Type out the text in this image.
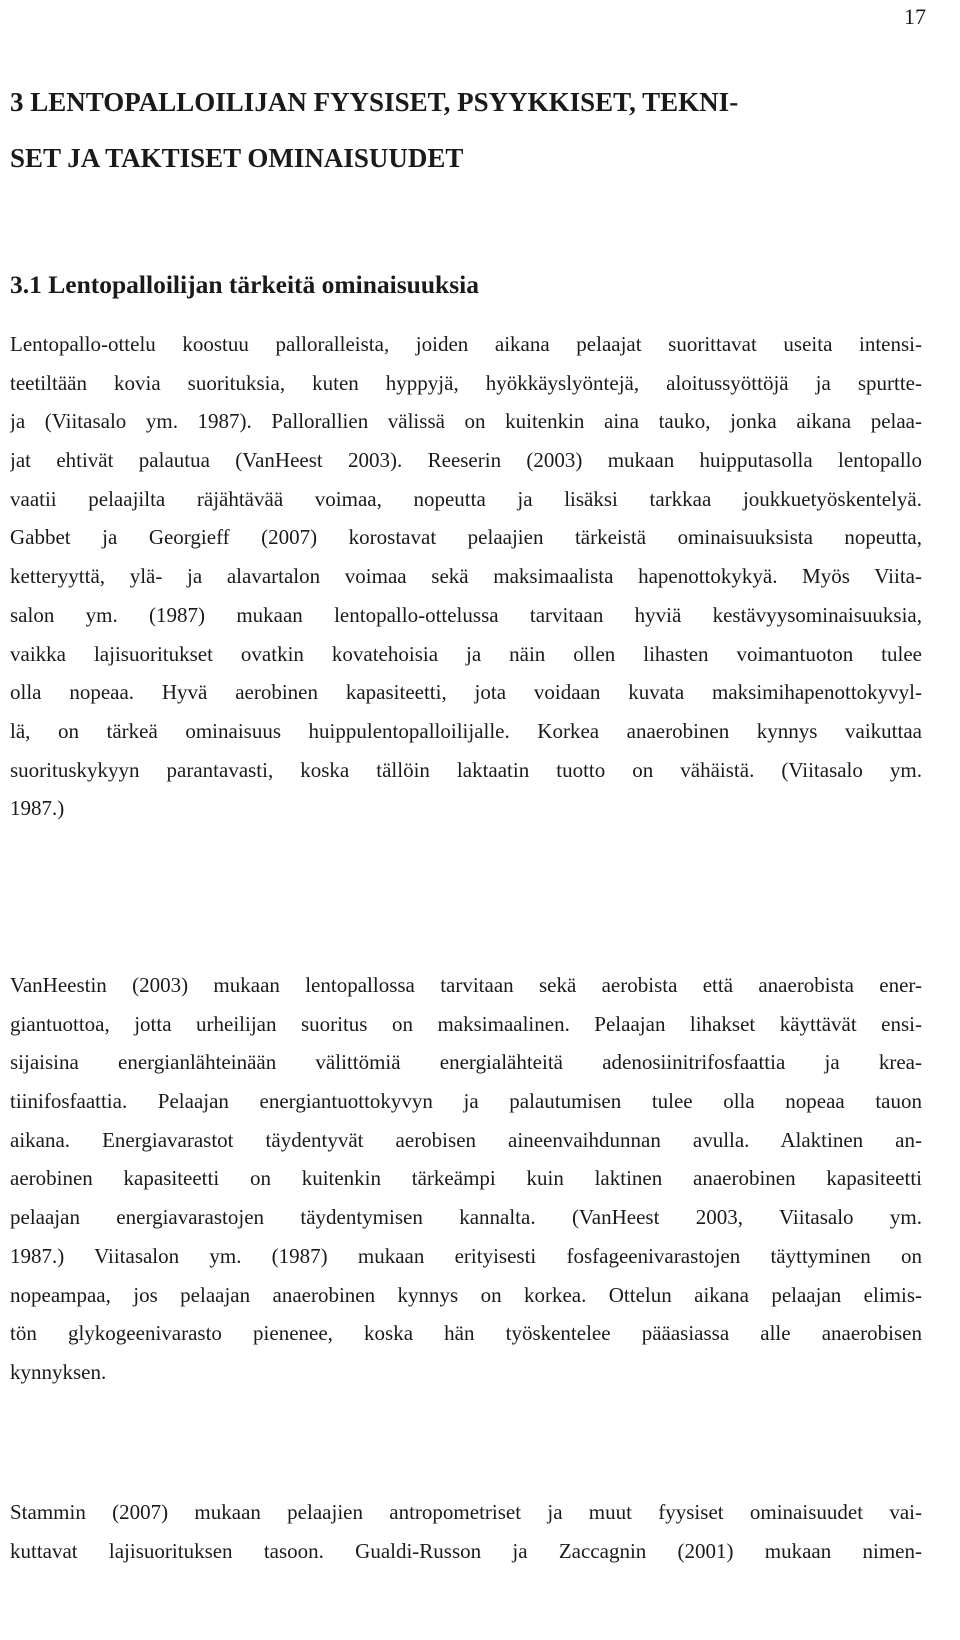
17
3 LENTOPALLOILIJAN FYYSISET, PSYYKKISET, TEKNI-
SET JA TAKTISET OMINAISUUDET
3.1 Lentopalloilijan tärkeitä ominaisuuksia
Lentopallo-ottelu koostuu palloralleista, joiden aikana pelaajat suorittavat useita intensi-
teetiltään kovia suorituksia, kuten hyppyjä, hyökkäyslyöntejä, aloitussyöttöjä ja spurtte-
ja (Viitasalo ym. 1987). Pallorallien välissä on kuitenkin aina tauko, jonka aikana pelaa-
jat ehtivät palautua (VanHeest 2003). Reeserin (2003) mukaan huipputasolla lentopallo
vaatii pelaajilta räjähtävää voimaa, nopeutta ja lisäksi tarkkaa joukkuetyöskentelyä.
Gabbet ja Georgieff (2007) korostavat pelaajien tärkeistä ominaisuuksista nopeutta,
ketteryyttä, ylä- ja alavartalon voimaa sekä maksimaalista hapenottokykyä. Myös Viita-
salon ym. (1987) mukaan lentopallo-ottelussa tarvitaan hyviä kestävyysominaisuuksia,
vaikka lajisuoritukset ovatkin kovatehoisia ja näin ollen lihasten voimantuoton tulee
olla nopeaa. Hyvä aerobinen kapasiteetti, jota voidaan kuvata maksimihapenottokyvyl-
lä, on tärkeä ominaisuus huippulentopalloilijalle. Korkea anaerobinen kynnys vaikuttaa
suorituskykyyn parantavasti, koska tällöin laktaatin tuotto on vähäistä. (Viitasalo ym.
1987.)
VanHeestin (2003) mukaan lentopallossa tarvitaan sekä aerobista että anaerobista ener-
giantuottoa, jotta urheilijan suoritus on maksimaalinen. Pelaajan lihakset käyttävät ensi-
sijaisina energianlähteinään välittömiä energialähteitä adenosiinitrifosfaattia ja krea-
tiinifosfaattia. Pelaajan energiantuottokyvyn ja palautumisen tulee olla nopeaa tauon
aikana. Energiavarastot täydentyvät aerobisen aineenvaihdunnan avulla. Alaktinen an-
aerobinen kapasiteetti on kuitenkin tärkeämpi kuin laktinen anaerobinen kapasiteetti
pelaajan energiavarastojen täydentymisen kannalta. (VanHeest 2003, Viitasalo ym.
1987.) Viitasalon ym. (1987) mukaan erityisesti fosfageenivarastojen täyttyminen on
nopeampaa, jos pelaajan anaerobinen kynnys on korkea. Ottelun aikana pelaajan elimis-
tön glykogeenivarasto pienenee, koska hän työskentelee pääasiassa alle anaerobisen
kynnyksen.
Stammin (2007) mukaan pelaajien antropometriset ja muut fyysiset ominaisuudet vai-
kuttavat lajisuorituksen tasoon. Gualdi-Russon ja Zaccagnin (2001) mukaan nimen-
